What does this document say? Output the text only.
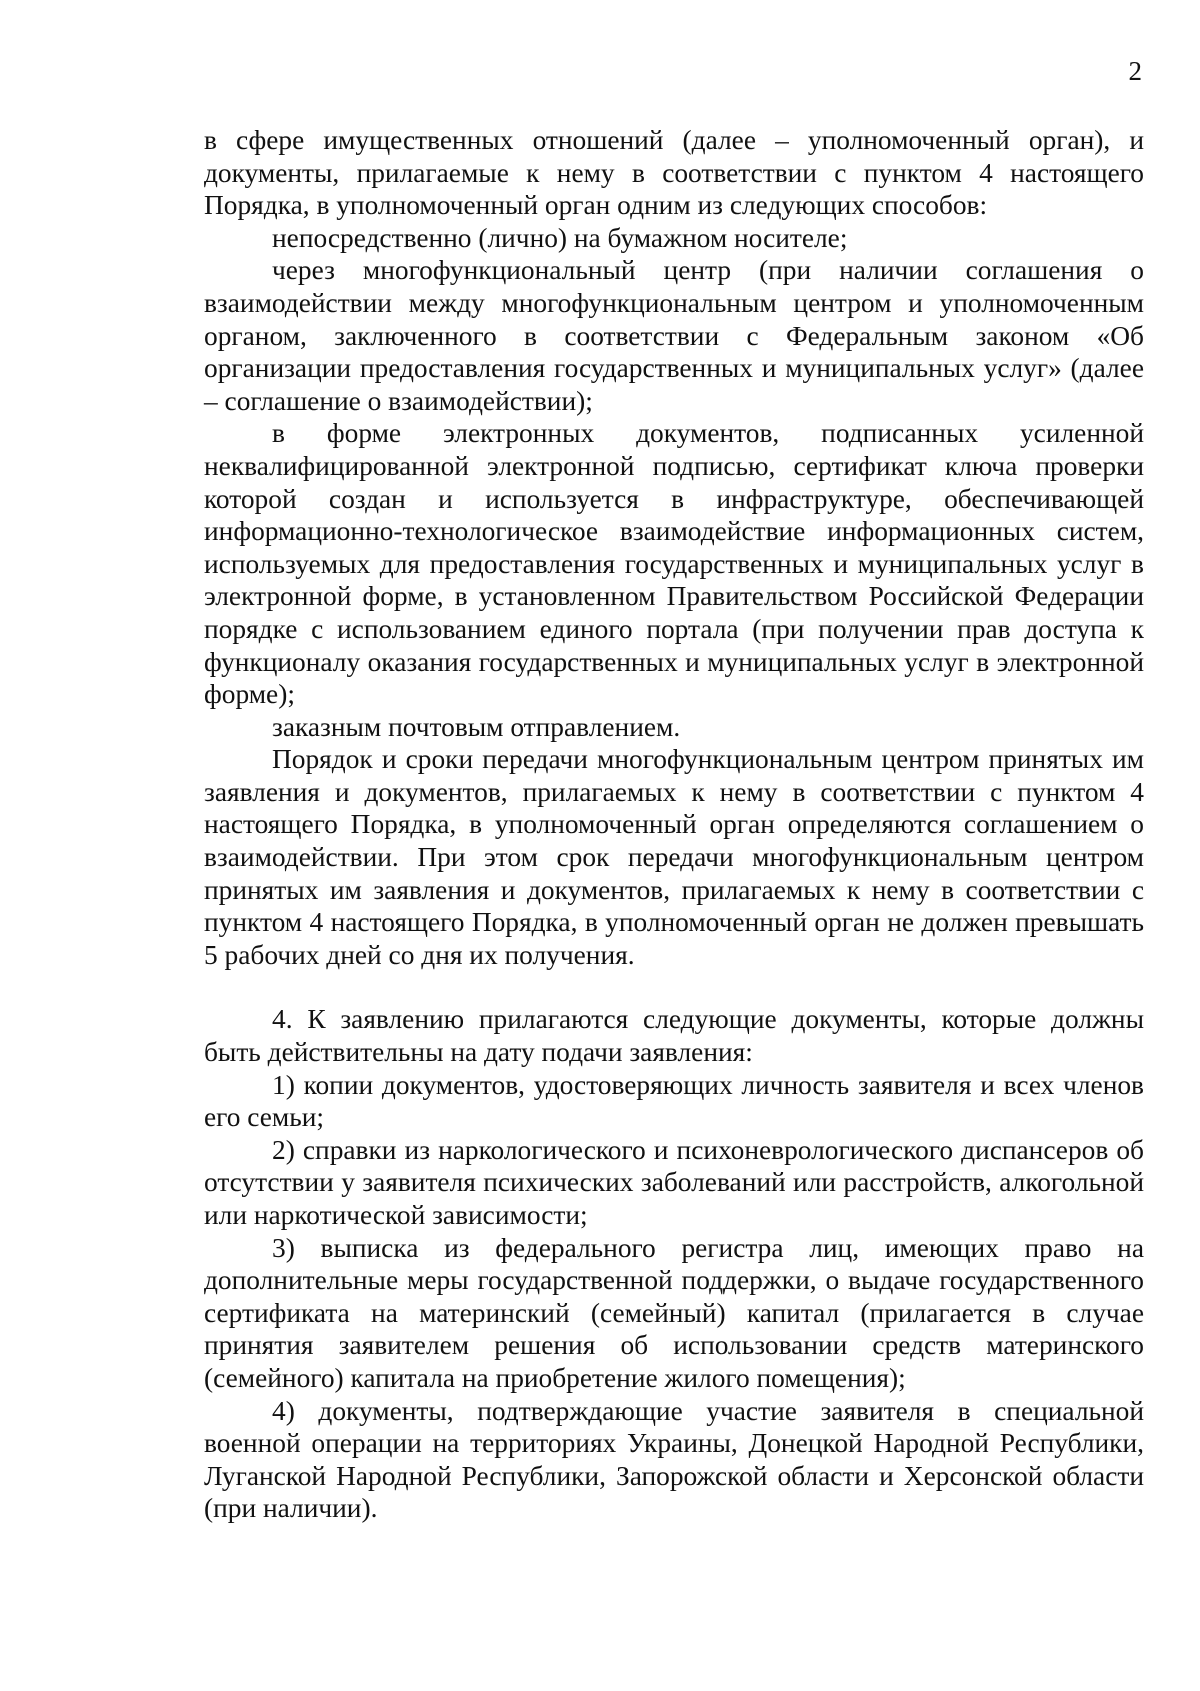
2

в сфере имущественных отношений (далее – уполномоченный орган), и документы, прилагаемые к нему в соответствии с пунктом 4 настоящего Порядка, в уполномоченный орган одним из следующих способов:

непосредственно (лично) на бумажном носителе;

через многофункциональный центр (при наличии соглашения о взаимодействии между многофункциональным центром и уполномоченным органом, заключенного в соответствии с Федеральным законом «Об организации предоставления государственных и муниципальных услуг» (далее – соглашение о взаимодействии);

в форме электронных документов, подписанных усиленной неквалифицированной электронной подписью, сертификат ключа проверки которой создан и используется в инфраструктуре, обеспечивающей информационно-технологическое взаимодействие информационных систем, используемых для предоставления государственных и муниципальных услуг в электронной форме, в установленном Правительством Российской Федерации порядке с использованием единого портала (при получении прав доступа к функционалу оказания государственных и муниципальных услуг в электронной форме);

заказным почтовым отправлением.

Порядок и сроки передачи многофункциональным центром принятых им заявления и документов, прилагаемых к нему в соответствии с пунктом 4 настоящего Порядка, в уполномоченный орган определяются соглашением о взаимодействии. При этом срок передачи многофункциональным центром принятых им заявления и документов, прилагаемых к нему в соответствии с пунктом 4 настоящего Порядка, в уполномоченный орган не должен превышать 5 рабочих дней со дня их получения.

4. К заявлению прилагаются следующие документы, которые должны быть действительны на дату подачи заявления:

1) копии документов, удостоверяющих личность заявителя и всех членов его семьи;

2) справки из наркологического и психоневрологического диспансеров об отсутствии у заявителя психических заболеваний или расстройств, алкогольной или наркотической зависимости;

3) выписка из федерального регистра лиц, имеющих право на дополнительные меры государственной поддержки, о выдаче государственного сертификата на материнский (семейный) капитал (прилагается в случае принятия заявителем решения об использовании средств материнского (семейного) капитала на приобретение жилого помещения);

4) документы, подтверждающие участие заявителя в специальной военной операции на территориях Украины, Донецкой Народной Республики, Луганской Народной Республики, Запорожской области и Херсонской области (при наличии).
